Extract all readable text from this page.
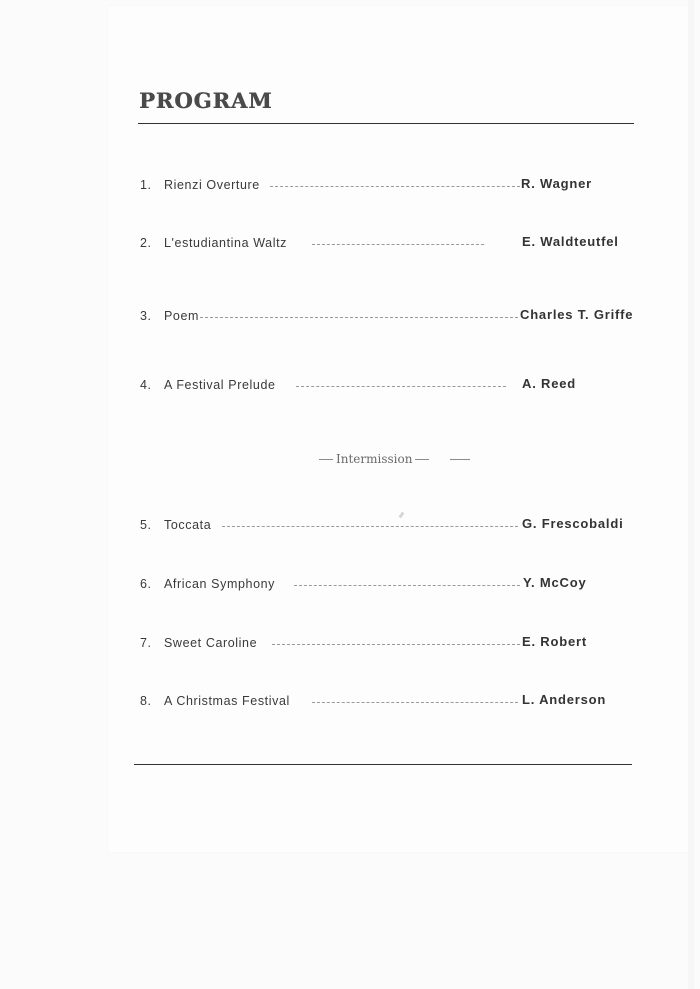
PROGRAM
1. Rienzi Overture	R. Wagner
2. L'estudiantina Waltz	E. Waldteutfel
3. Poem	Charles T. Griffe
4. A Festival Prelude	A. Reed
Intermission
5. Toccata	G. Frescobaldi
6. African Symphony	Y. McCoy
7. Sweet Caroline	E. Robert
8. A Christmas Festival	L. Anderson
